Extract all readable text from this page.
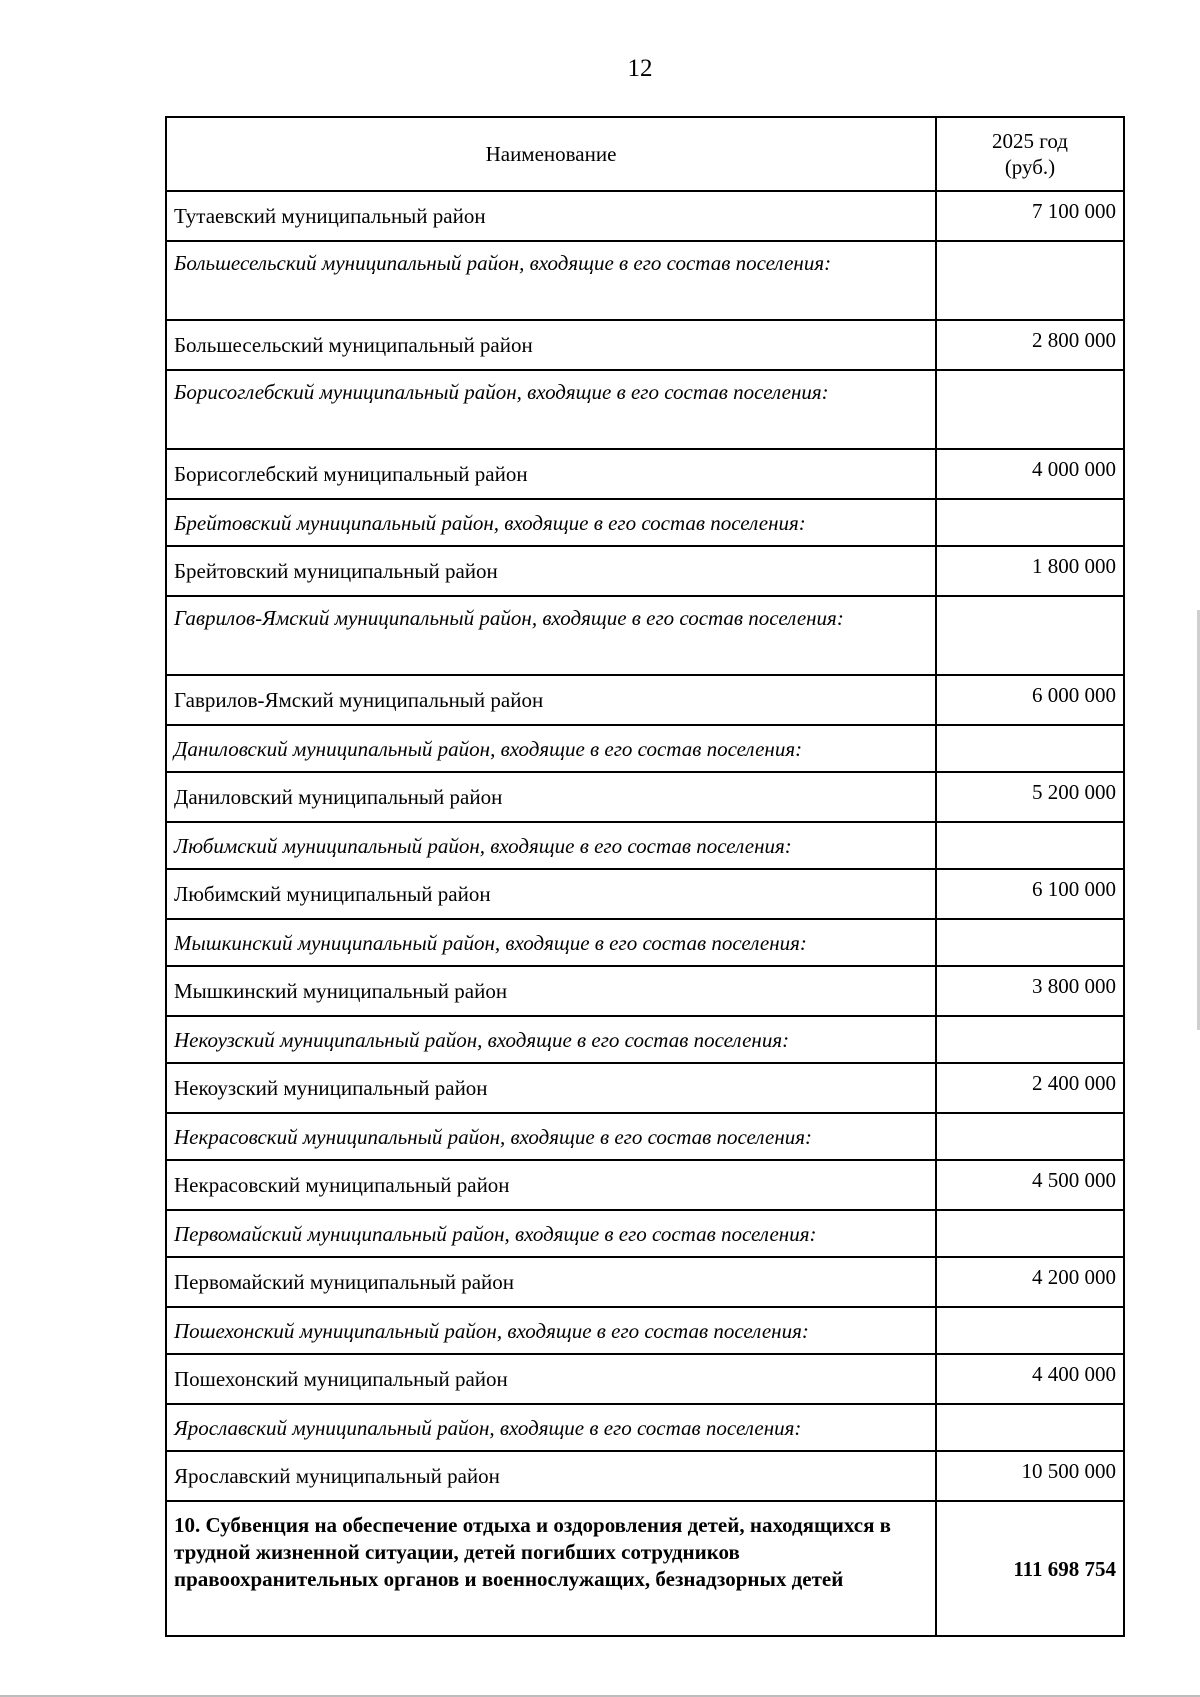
12
Наименование	2025 год
(руб.)
Тутаевский муниципальный район	7 100 000
Большесельский муниципальный район, входящие в его состав поселения:	
Большесельский муниципальный район	2 800 000
Борисоглебский муниципальный район, входящие в его состав поселения:	
Борисоглебский муниципальный район	4 000 000
Брейтовский муниципальный район, входящие в его состав поселения:	
Брейтовский муниципальный район	1 800 000
Гаврилов-Ямский муниципальный район, входящие в его состав поселения:	
Гаврилов-Ямский муниципальный район	6 000 000
Даниловский муниципальный район, входящие в его состав поселения:	
Даниловский муниципальный район	5 200 000
Любимский муниципальный район, входящие в его состав поселения:	
Любимский муниципальный район	6 100 000
Мышкинский муниципальный район, входящие в его состав поселения:	
Мышкинский муниципальный район	3 800 000
Некоузский муниципальный район, входящие в его состав поселения:	
Некоузский муниципальный район	2 400 000
Некрасовский муниципальный район, входящие в его состав поселения:	
Некрасовский муниципальный район	4 500 000
Первомайский муниципальный район, входящие в его состав поселения:	
Первомайский муниципальный район	4 200 000
Пошехонский муниципальный район, входящие в его состав поселения:	
Пошехонский муниципальный район	4 400 000
Ярославский муниципальный район, входящие в его состав поселения:	
Ярославский муниципальный район	10 500 000
10. Субвенция на обеспечение отдыха и оздоровления детей, находящихся в трудной жизненной ситуации, детей погибших сотрудников правоохранительных органов и военнослужащих, безнадзорных детей	111 698 754
